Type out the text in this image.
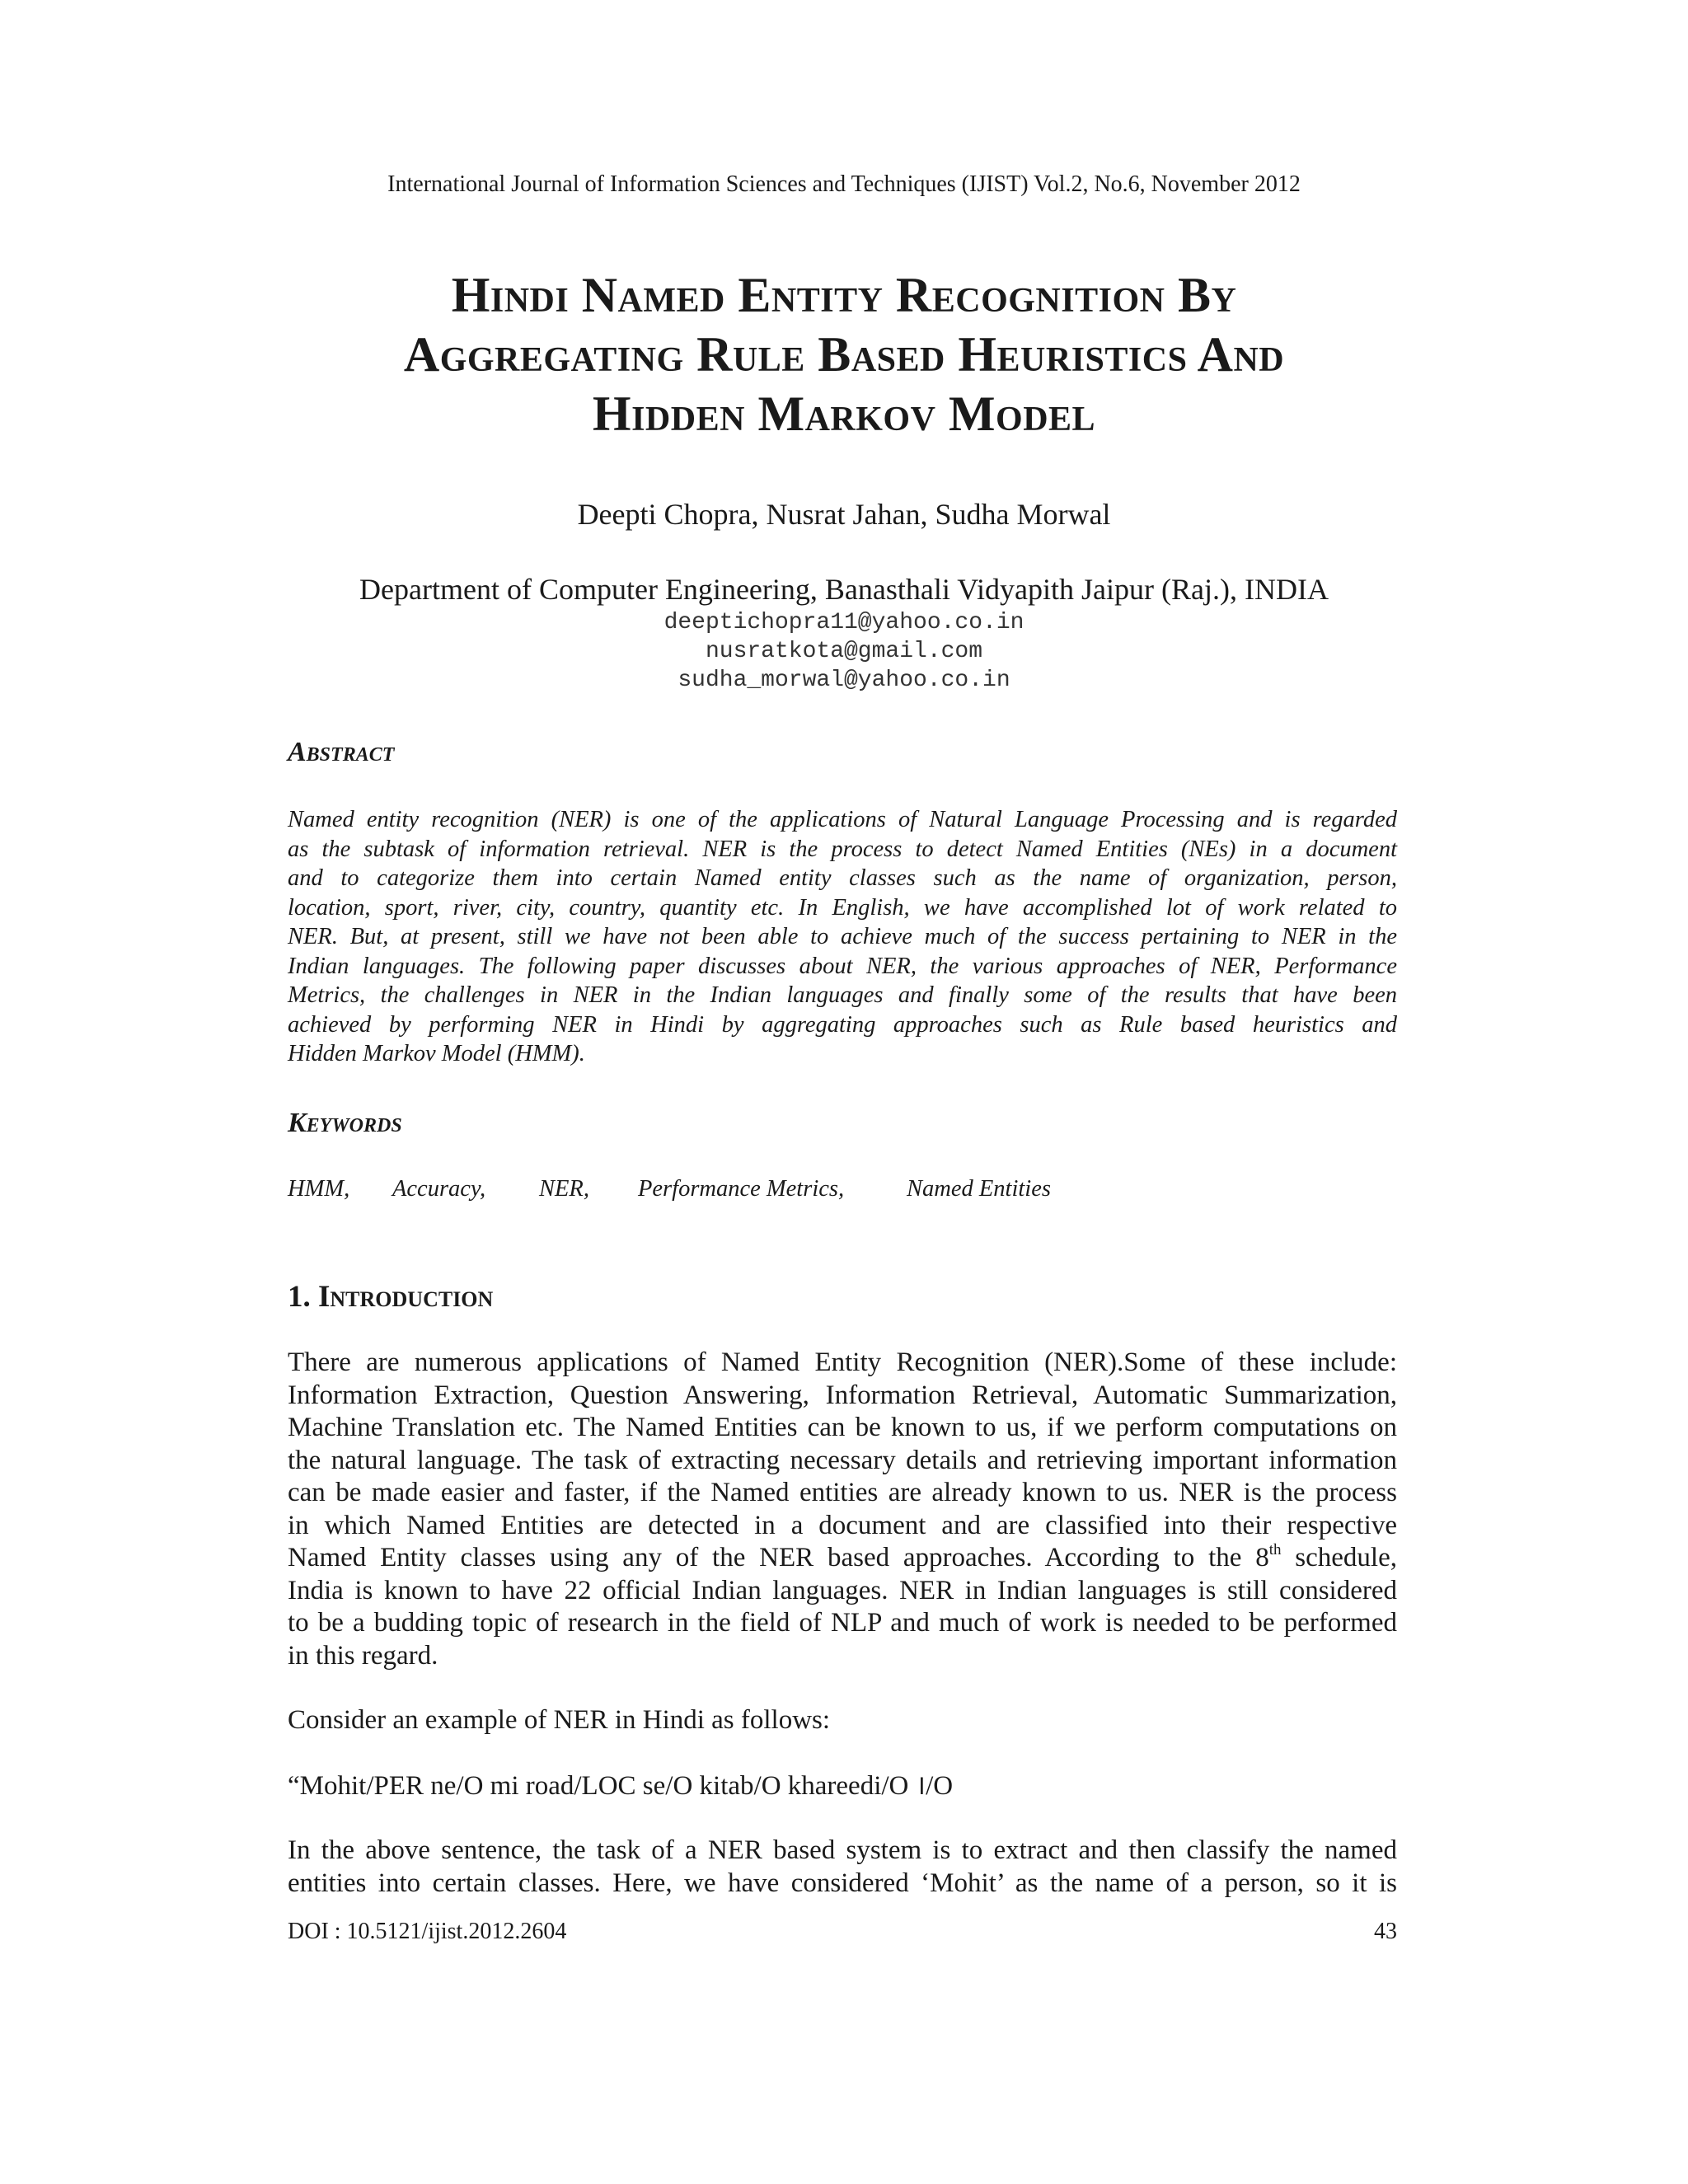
International Journal of Information Sciences and Techniques (IJIST) Vol.2, No.6, November 2012
Hindi Named Entity Recognition By
Aggregating Rule Based Heuristics And
Hidden Markov Model
Deepti Chopra, Nusrat Jahan, Sudha Morwal
Department of Computer Engineering, Banasthali Vidyapith Jaipur (Raj.), INDIA
deeptichopra11@yahoo.co.in
nusratkota@gmail.com
sudha_morwal@yahoo.co.in
Abstract
Named entity recognition (NER) is one of the applications of Natural Language Processing and is regarded
as the subtask of information retrieval. NER is the process to detect Named Entities (NEs) in a document
and to categorize them into certain Named entity classes such as the name of organization, person,
location, sport, river, city, country, quantity etc. In English, we have accomplished lot of work related to
NER. But, at present, still we have not been able to achieve much of the success pertaining to NER in the
Indian languages. The following paper discusses about NER, the various approaches of NER, Performance
Metrics, the challenges in NER in the Indian languages and finally some of the results that have been
achieved by performing NER in Hindi by aggregating approaches such as Rule based heuristics and
Hidden Markov Model (HMM).
Keywords
HMM, Accuracy, NER, Performance Metrics,	Named Entities
1. Introduction
There are numerous applications of Named Entity Recognition (NER).Some of these include:
Information Extraction, Question Answering, Information Retrieval, Automatic Summarization,
Machine Translation etc. The Named Entities can be known to us, if we perform computations on
the natural language. The task of extracting necessary details and retrieving important information
can be made easier and faster, if the Named entities are already known to us. NER is the process
in which Named Entities are detected in a document and are classified into their respective
Named Entity classes using any of the NER based approaches. According to the 8th schedule,
India is known to have 22 official Indian languages. NER in Indian languages is still considered
to be a budding topic of research in the field of NLP and much of work is needed to be performed
in this regard.
Consider an example of NER in Hindi as follows:
“Mohit/PER ne/O mi road/LOC se/O kitab/O khareedi/O ।/O
In the above sentence, the task of a NER based system is to extract and then classify the named
entities into certain classes. Here, we have considered ‘Mohit’ as the name of a person, so it is
DOI : 10.5121/ijist.2012.2604	43
